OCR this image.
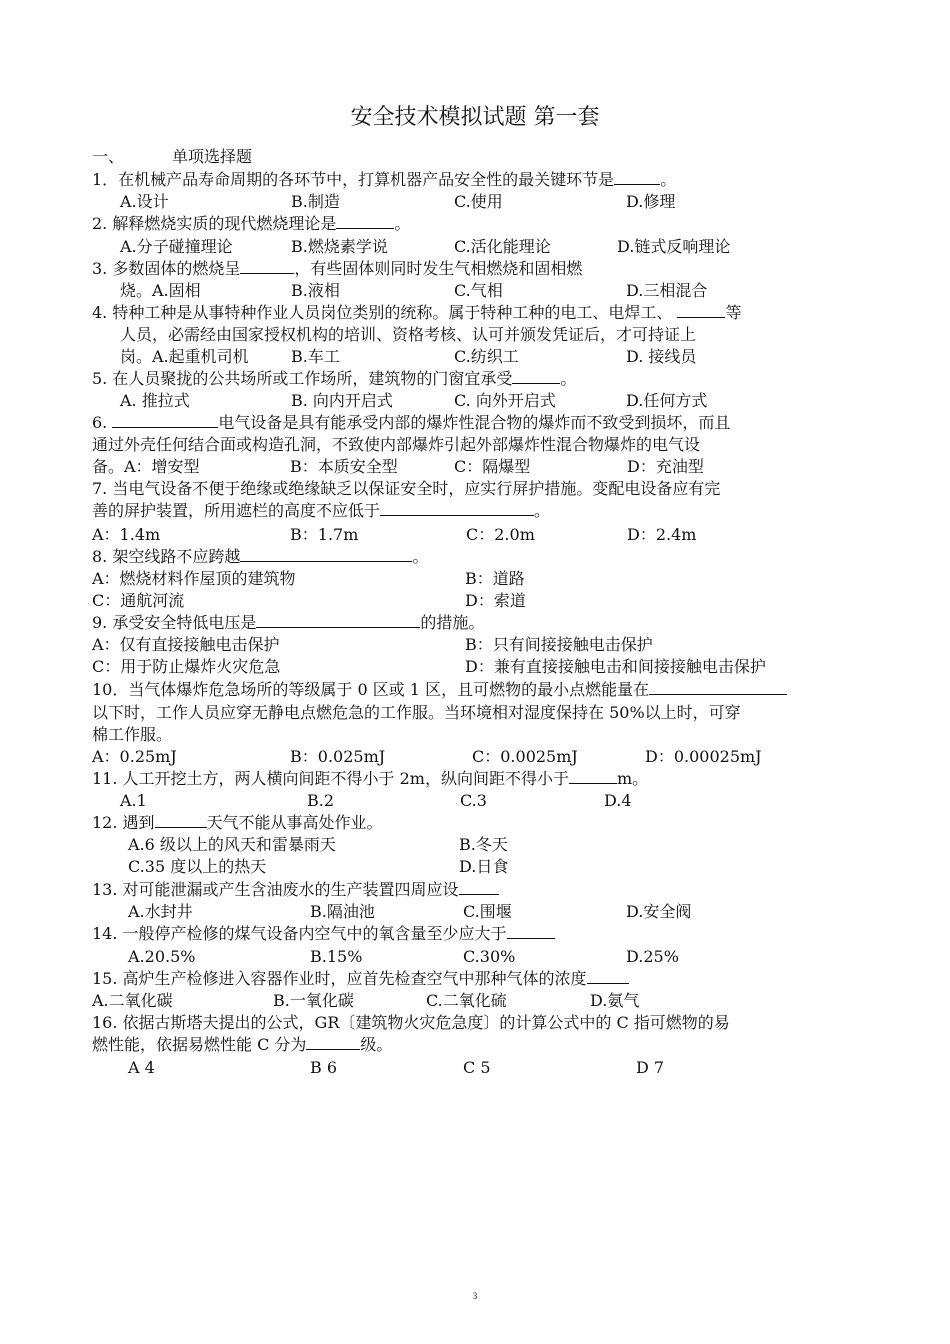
安全技术模拟试题 第一套
一、	单项选择题
1．在机械产品寿命周期的各环节中，打算机器产品安全性的最关键环节是	。
A.设计	B.制造	C.使用	D.修理
2. 解释燃烧实质的现代燃烧理论是	。
A.分子碰撞理论	B.燃烧素学说	C.活化能理论	D.链式反响理论
3. 多数固体的燃烧呈	，有些固体则同时发生气相燃烧和固相燃
烧。A.固相	B.液相	C.气相	D.三相混合
4. 特种工种是从事特种作业人员岗位类别的统称。属于特种工种的电工、电焊工、	等
人员，必需经由国家授权机构的培训、资格考核、认可并颁发凭证后，才可持证上
岗。A.起重机司机	B.车工	C.纺织工	D. 接线员
5. 在人员聚拢的公共场所或工作场所，建筑物的门窗宜承受	。
A. 推拉式	B. 向内开启式	C. 向外开启式	D.任何方式
6.	电气设备是具有能承受内部的爆炸性混合物的爆炸而不致受到损坏，而且
通过外壳任何结合面或构造孔洞，不致使内部爆炸引起外部爆炸性混合物爆炸的电气设
备。A：增安型	B：本质安全型	C：隔爆型	D：充油型
7. 当电气设备不便于绝缘或绝缘缺乏以保证安全时，应实行屏护措施。变配电设备应有完
善的屏护装置，所用遮栏的高度不应低于	。
A：1.4m	B：1.7m	C：2.0m	D：2.4m
8. 架空线路不应跨越	。
A：燃烧材料作屋顶的建筑物	B：道路
C：通航河流	D：索道
9. 承受安全特低电压是	的措施。
A：仅有直接接触电击保护	B：只有间接接触电击保护
C：用于防止爆炸火灾危急	D：兼有直接接触电击和间接接触电击保护
10．当气体爆炸危急场所的等级属于 0 区或 1 区，且可燃物的最小点燃能量在
以下时，工作人员应穿无静电点燃危急的工作服。当环境相对湿度保持在 50%以上时，可穿
棉工作服。
A：0.25mJ	B：0.025mJ	C：0.0025mJ	D：0.00025mJ
11. 人工开挖土方，两人横向间距不得小于 2m，纵向间距不得小于	m。
A.1	B.2	C.3	D.4
12. 遇到	天气不能从事高处作业。
A.6 级以上的风天和雷暴雨天	B.冬天
C.35 度以上的热天	D.日食
13. 对可能泄漏或产生含油废水的生产装置四周应设
A.水封井	B.隔油池	C.围堰	D.安全阀
14. 一般停产检修的煤气设备内空气中的氧含量至少应大于
A.20.5%	B.15%	C.30%	D.25%
15. 高炉生产检修进入容器作业时，应首先检查空气中那种气体的浓度
A.二氧化碳	B.一氧化碳	C.二氧化硫	D.氨气
16. 依据古斯塔夫提出的公式，GR〔建筑物火灾危急度〕的计算公式中的 C 指可燃物的易
燃性能，依据易燃性能 C 分为	级。
A 4	B 6	C 5	D 7
3
